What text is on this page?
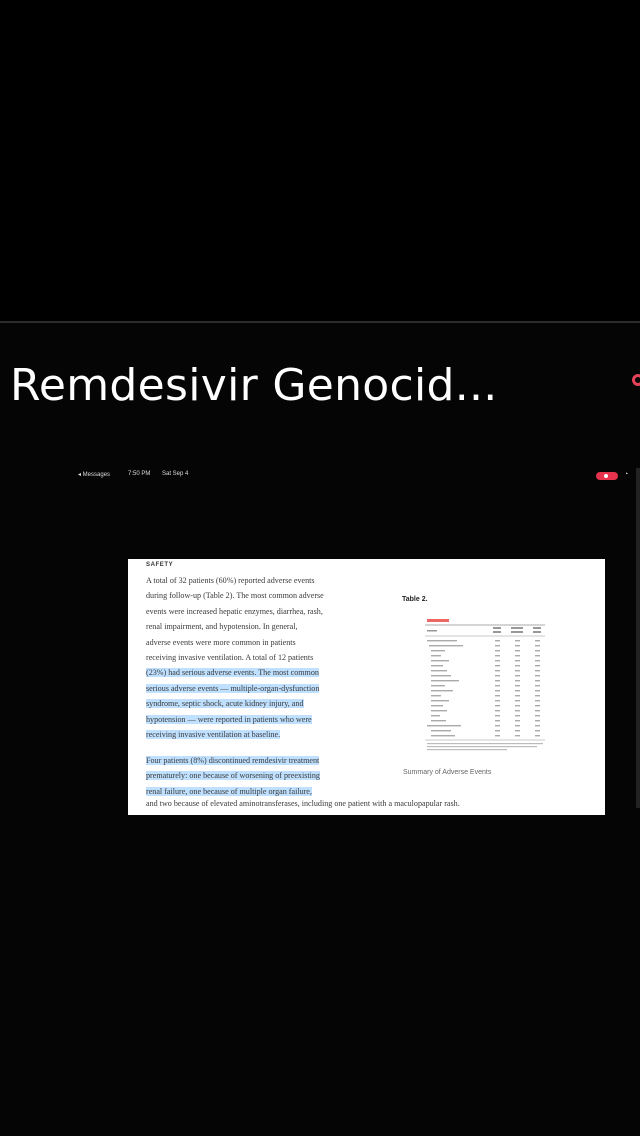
Remdesivir Genocid...
◂ Messages	7:50 PM Sat Sep 4	◔
SAFETY
A total of 32 patients (60%) reported adverse events
during follow-up (Table 2). The most common adverse
events were increased hepatic enzymes, diarrhea, rash,
renal impairment, and hypotension. In general,
adverse events were more common in patients
receiving invasive ventilation. A total of 12 patients
(23%) had serious adverse events. The most common
serious adverse events — multiple-organ-dysfunction
syndrome, septic shock, acute kidney injury, and
hypotension — were reported in patients who were
receiving invasive ventilation at baseline.
Four patients (8%) discontinued remdesivir treatment
prematurely: one because of worsening of preexisting
renal failure, one because of multiple organ failure,
and two because of elevated aminotransferases, including one patient with a maculopapular rash.
Table 2.
Summary of Adverse Events
